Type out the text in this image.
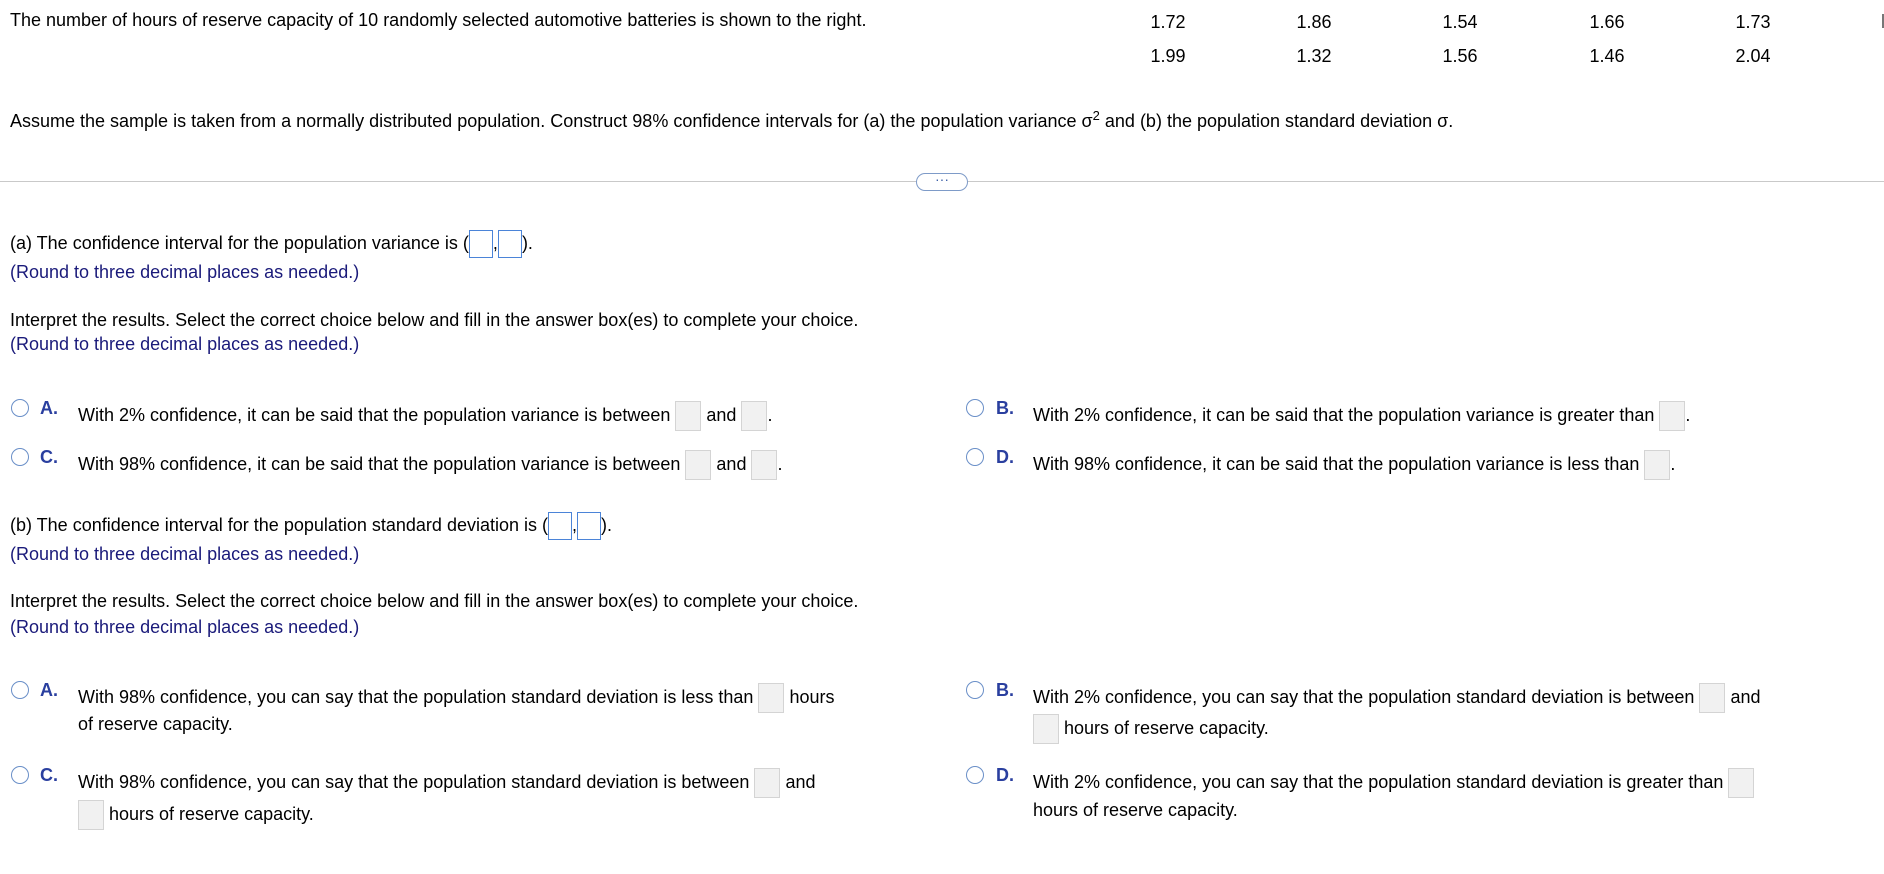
The number of hours of reserve capacity of 10 randomly selected automotive batteries is shown to the right.	1.72	1.86	1.54	1.66	1.73
1.99	1.32	1.56	1.46	2.04
Assume the sample is taken from a normally distributed population. Construct 98% confidence intervals for (a) the population variance $\sigma^2$ and (b) the population standard deviation σ.
···
(a) The confidence interval for the population variance is ( , ).
(Round to three decimal places as needed.)
Interpret the results. Select the correct choice below and fill in the answer box(es) to complete your choice.
(Round to three decimal places as needed.)
A. With 2% confidence, it can be said that the population variance is between and .	B. With 2% confidence, it can be said that the population variance is greater than .
C. With 98% confidence, it can be said that the population variance is between and .	D. With 98% confidence, it can be said that the population variance is less than .
(b) The confidence interval for the population standard deviation is ( , ).
(Round to three decimal places as needed.)
Interpret the results. Select the correct choice below and fill in the answer box(es) to complete your choice.
(Round to three decimal places as needed.)
A. With 98% confidence, you can say that the population standard deviation is less than hours
of reserve capacity.
B. With 2% confidence, you can say that the population standard deviation is between and
hours of reserve capacity.
C. With 98% confidence, you can say that the population standard deviation is between and
hours of reserve capacity.
D. With 2% confidence, you can say that the population standard deviation is greater than
hours of reserve capacity.
